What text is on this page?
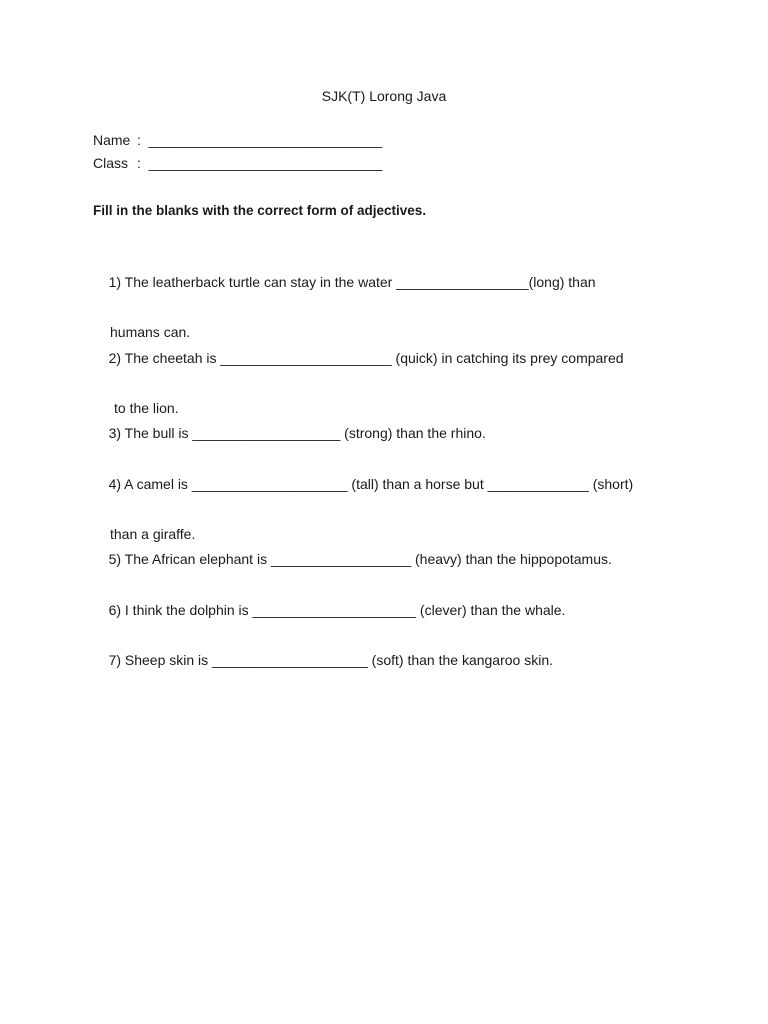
SJK(T) Lorong Java
Name :  ______________________________
Class :  ______________________________
Fill in the blanks with the correct form of adjectives.

1) The leatherback turtle can stay in the water _________________(long) than

humans can.

2) The cheetah is ______________________ (quick) in catching its prey compared

to the lion.

3) The bull is ___________________ (strong) than the rhino.

4) A camel is ____________________ (tall) than a horse but _____________ (short)

than a giraffe.

5) The African elephant is __________________ (heavy) than the hippopotamus.

6) I think the dolphin is _____________________ (clever) than the whale.

7) Sheep skin is ____________________ (soft) than the kangaroo skin.
